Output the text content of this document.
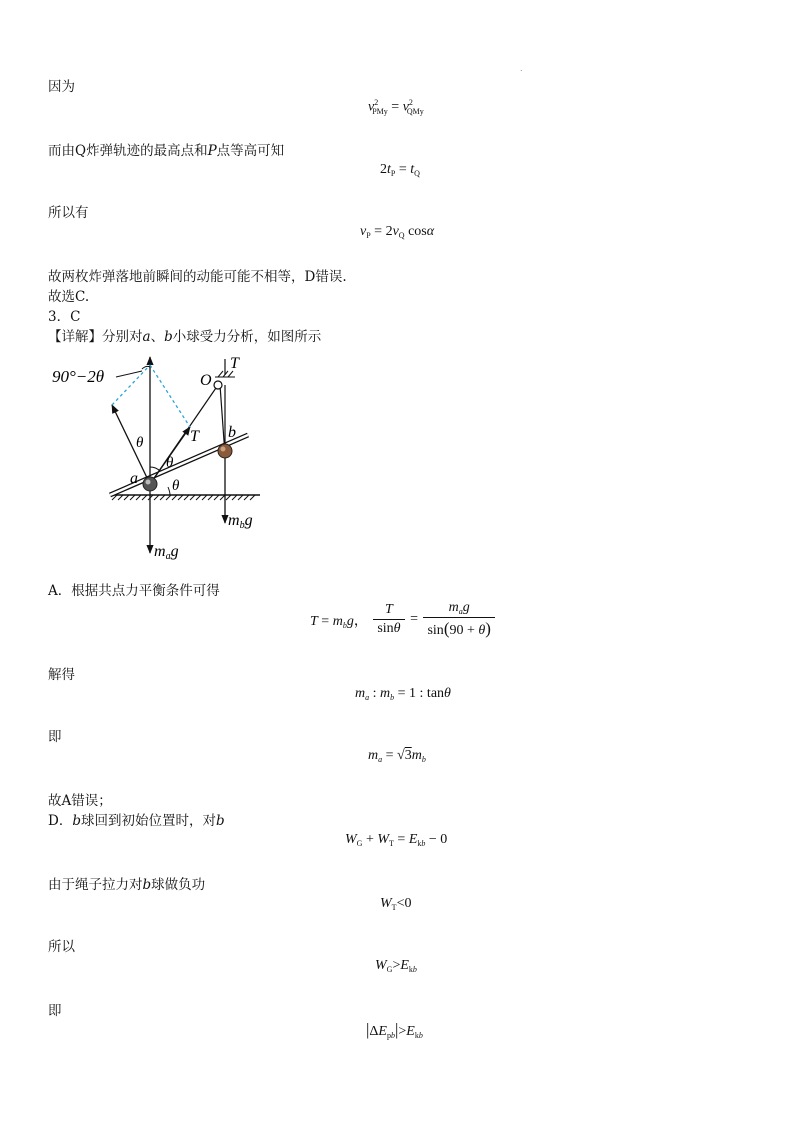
.
因为
$v^2_{PMy} = v^2_{QMy}$
而由Q炸弹轨迹的最高点和P点等高可知
$2t_P = t_Q$
所以有
$v_P = 2v_Q$ cosα
故两枚炸弹落地前瞬间的动能可能不相等，D错误.
故选C.
3．C
【详解】分别对a、b小球受力分析，如图所示
90°−2θ	O
T
T
θ
θ
θ
a
b
mbg
mag
A．根据共点力平衡条件可得
$T = m_bg$， $\frac{T}{\sin\theta} = \frac{m_ag}{\sin(90 + \theta)}$
解得
$m_a$ : $m_b = 1$ : tanθ
即
$m_a = √3m_b$
故A错误；
D．b球回到初始位置时，对b
$W_G + W_T = E_{kb} - 0$
由于绳子拉力对b球做负功
$W_T<0$
所以
$W_G>E_{kb}$
即
$|\Delta E_{pb}|>E_{kb}$
